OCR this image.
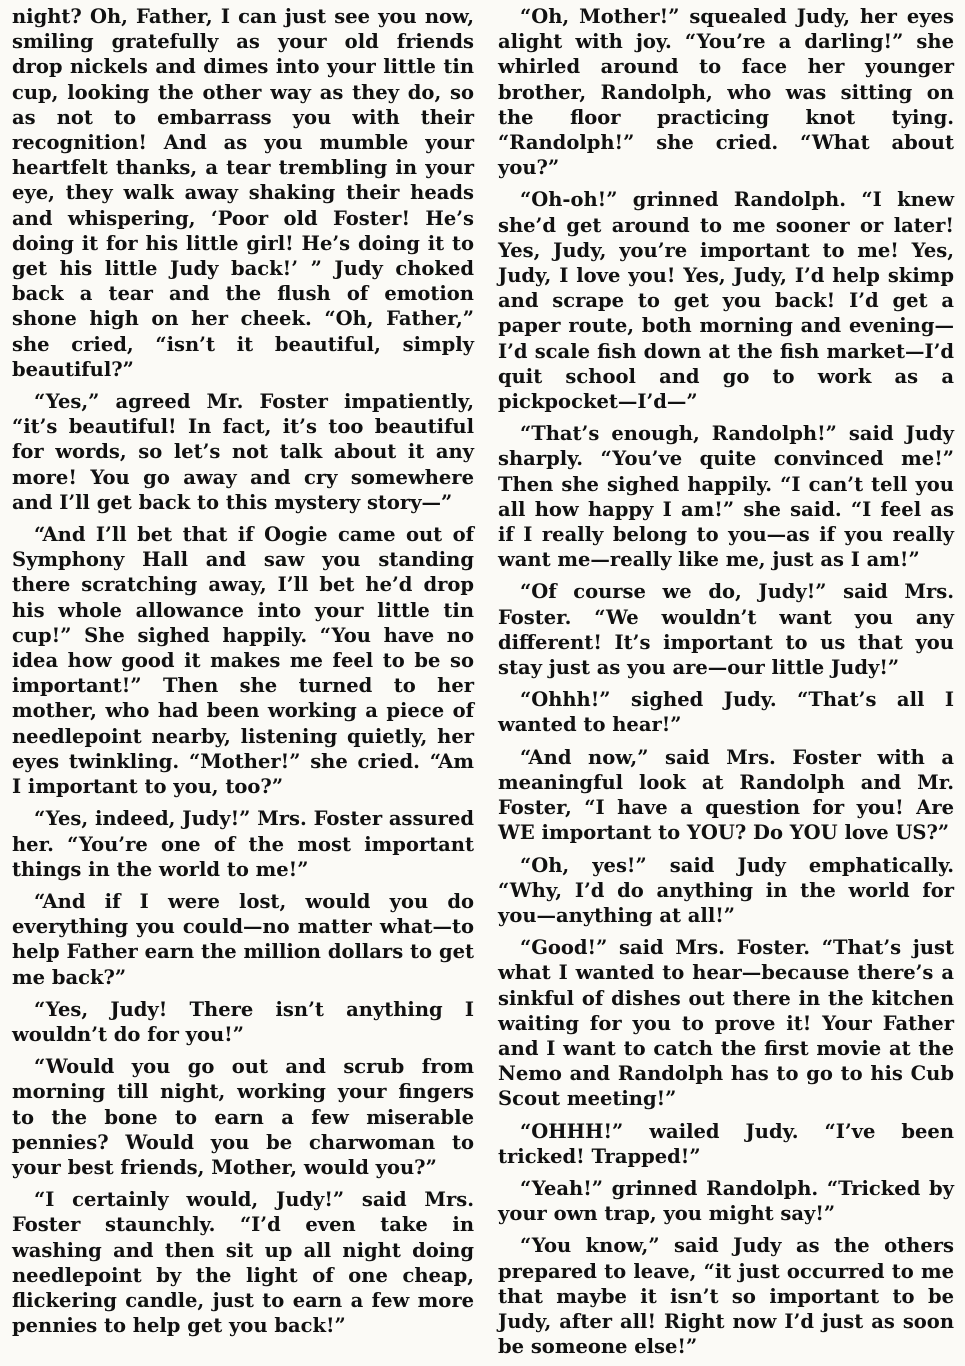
night? Oh, Father, I can just see you now, smiling gratefully as your old friends drop nickels and dimes into your little tin cup, looking the other way as they do, so as not to embarrass you with their recognition! And as you mumble your heartfelt thanks, a tear trembling in your eye, they walk away shaking their heads and whispering, ‘Poor old Foster! He’s doing it for his little girl! He’s doing it to get his little Judy back!’ ” Judy choked back a tear and the flush of emotion shone high on her cheek. “Oh, Father,” she cried, “isn’t it beautiful, simply beautiful?”

“Yes,” agreed Mr. Foster impatiently, “it’s beautiful! In fact, it’s too beautiful for words, so let’s not talk about it any more! You go away and cry somewhere and I’ll get back to this mystery story—”

“And I’ll bet that if Oogie came out of Symphony Hall and saw you standing there scratching away, I’ll bet he’d drop his whole allowance into your little tin cup!” She sighed happily. “You have no idea how good it makes me feel to be so important!” Then she turned to her mother, who had been working a piece of needlepoint nearby, listening quietly, her eyes twinkling. “Mother!” she cried. “Am I important to you, too?”

“Yes, indeed, Judy!” Mrs. Foster assured her. “You’re one of the most important things in the world to me!”

“And if I were lost, would you do everything you could—no matter what—to help Father earn the million dollars to get me back?”

“Yes, Judy! There isn’t anything I wouldn’t do for you!”

“Would you go out and scrub from morning till night, working your fingers to the bone to earn a few miserable pennies? Would you be charwoman to your best friends, Mother, would you?”

“I certainly would, Judy!” said Mrs. Foster staunchly. “I’d even take in washing and then sit up all night doing needlepoint by the light of one cheap, flickering candle, just to earn a few more pennies to help get you back!”

“Oh, Mother!” squealed Judy, her eyes alight with joy. “You’re a darling!” she whirled around to face her younger brother, Randolph, who was sitting on the floor practicing knot tying. “Randolph!” she cried. “What about you?”

“Oh-oh!” grinned Randolph. “I knew she’d get around to me sooner or later! Yes, Judy, you’re important to me! Yes, Judy, I love you! Yes, Judy, I’d help skimp and scrape to get you back! I’d get a paper route, both morning and evening—I’d scale fish down at the fish market—I’d quit school and go to work as a pickpocket—I’d—”

“That’s enough, Randolph!” said Judy sharply. “You’ve quite convinced me!” Then she sighed happily. “I can’t tell you all how happy I am!” she said. “I feel as if I really belong to you—as if you really want me—really like me, just as I am!”

“Of course we do, Judy!” said Mrs. Foster. “We wouldn’t want you any different! It’s important to us that you stay just as you are—our little Judy!”

“Ohhh!” sighed Judy. “That’s all I wanted to hear!”

“And now,” said Mrs. Foster with a meaningful look at Randolph and Mr. Foster, “I have a question for you! Are WE important to YOU? Do YOU love US?”

“Oh, yes!” said Judy emphatically. “Why, I’d do anything in the world for you—anything at all!”

“Good!” said Mrs. Foster. “That’s just what I wanted to hear—because there’s a sinkful of dishes out there in the kitchen waiting for you to prove it! Your Father and I want to catch the first movie at the Nemo and Randolph has to go to his Cub Scout meeting!”

“OHHH!” wailed Judy. “I’ve been tricked! Trapped!”

“Yeah!” grinned Randolph. “Tricked by your own trap, you might say!”

“You know,” said Judy as the others prepared to leave, “it just occurred to me that maybe it isn’t so important to be Judy, after all! Right now I’d just as soon be someone else!”
